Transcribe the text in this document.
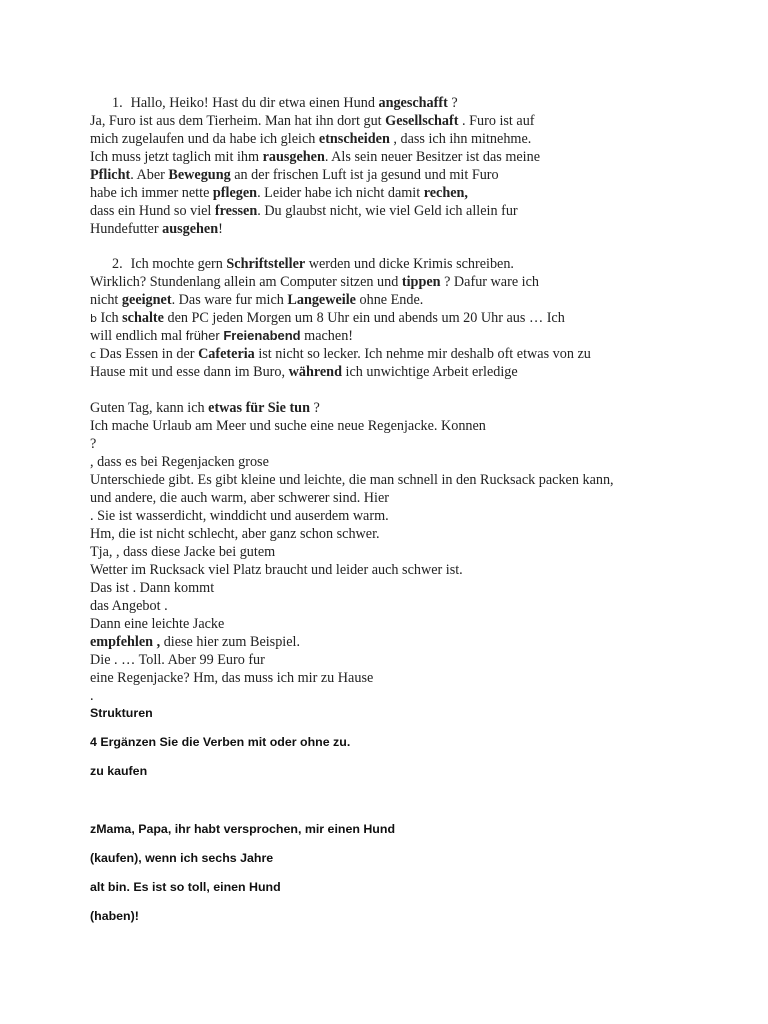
1. Hallo, Heiko! Hast du dir etwa einen Hund angeschafft ?
Ja, Furo ist aus dem Tierheim. Man hat ihn dort gut Gesellschaft . Furo ist auf
mich zugelaufen und da habe ich gleich etnscheiden , dass ich ihn mitnehme.
Ich muss jetzt taglich mit ihm rausgehen. Als sein neuer Besitzer ist das meine
Pflicht. Aber Bewegung an der frischen Luft ist ja gesund und mit Furo
habe ich immer nette pflegen. Leider habe ich nicht damit rechen,
dass ein Hund so viel fressen. Du glaubst nicht, wie viel Geld ich allein fur
Hundefutter ausgehen!
2. Ich mochte gern Schriftsteller werden und dicke Krimis schreiben.
Wirklich? Stundenlang allein am Computer sitzen und tippen ? Dafur ware ich
nicht geeignet. Das ware fur mich Langeweile ohne Ende.
b Ich schalte den PC jeden Morgen um 8 Uhr ein und abends um 20 Uhr aus … Ich
will endlich mal früher Freienabend machen!
c Das Essen in der Cafeteria ist nicht so lecker. Ich nehme mir deshalb oft etwas von zu
Hause mit und esse dann im Buro, während ich unwichtige Arbeit erledige
Guten Tag, kann ich etwas für Sie tun ?
Ich mache Urlaub am Meer und suche eine neue Regenjacke. Konnen
?
, dass es bei Regenjacken grose
Unterschiede gibt. Es gibt kleine und leichte, die man schnell in den Rucksack packen kann,
und andere, die auch warm, aber schwerer sind. Hier
. Sie ist wasserdicht, winddicht und auserdem warm.
Hm, die ist nicht schlecht, aber ganz schon schwer.
Tja, , dass diese Jacke bei gutem
Wetter im Rucksack viel Platz braucht und leider auch schwer ist.
Das ist . Dann kommt
das Angebot .
Dann eine leichte Jacke
empfehlen , diese hier zum Beispiel.
Die . … Toll. Aber 99 Euro fur
eine Regenjacke? Hm, das muss ich mir zu Hause
.
Strukturen
4 Ergänzen Sie die Verben mit oder ohne zu.
zu kaufen
zMama, Papa, ihr habt versprochen, mir einen Hund
(kaufen), wenn ich sechs Jahre
alt bin. Es ist so toll, einen Hund
(haben)!
